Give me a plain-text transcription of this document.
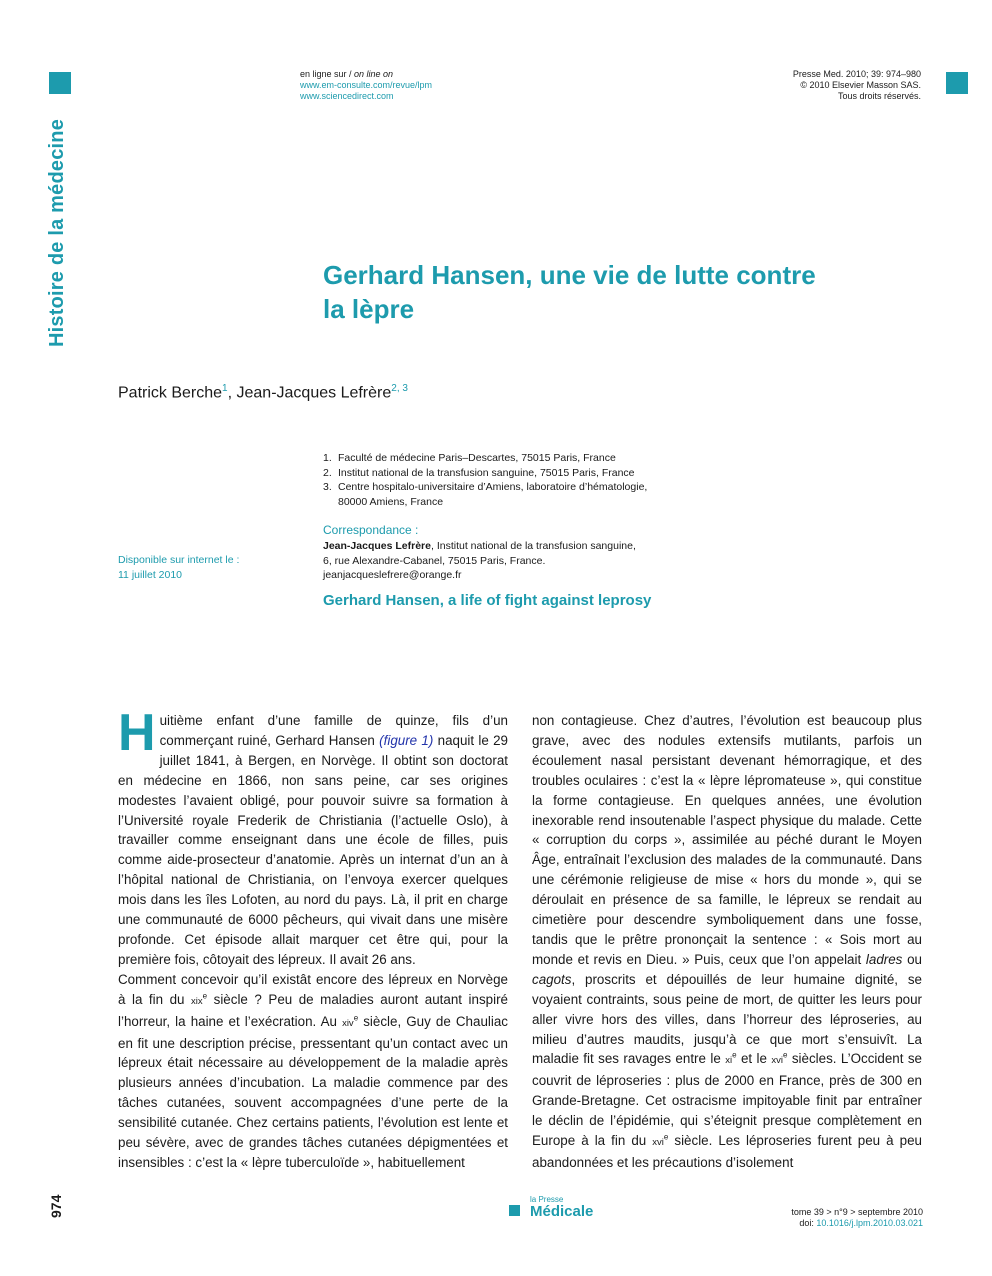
Histoire de la médecine
en ligne sur / on line on
www.em-consulte.com/revue/lpm
www.sciencedirect.com
Presse Med. 2010; 39: 974–980
© 2010 Elsevier Masson SAS.
Tous droits réservés.
Gerhard Hansen, une vie de lutte contre
la lèpre
Patrick Berche$^1$, Jean-Jacques Lefrère$^{2, 3}$
1. Faculté de médecine Paris–Descartes, 75015 Paris, France
2. Institut national de la transfusion sanguine, 75015 Paris, France
3. Centre hospitalo-universitaire d’Amiens, laboratoire d’hématologie,
80000 Amiens, France
Correspondance :
Jean-Jacques Lefrère, Institut national de la transfusion sanguine,
6, rue Alexandre-Cabanel, 75015 Paris, France.
jeanjacqueslefrere@orange.fr
Disponible sur internet le :
11 juillet 2010
Gerhard Hansen, a life of fight against leprosy

Huitième enfant d’une famille de quinze, fils d’un commerçant ruiné, Gerhard Hansen (figure 1) naquit le 29 juillet 1841, à Bergen, en Norvège. Il obtint son doctorat en médecine en 1866, non sans peine, car ses origines modestes l’avaient obligé, pour pouvoir suivre sa formation à l’Université royale Frederik de Christiania (l’actuelle Oslo), à travailler comme enseignant dans une école de filles, puis comme aide-prosecteur d’anatomie. Après un internat d’un an à l’hôpital national de Christiania, on l’envoya exercer quelques mois dans les îles Lofoten, au nord du pays. Là, il prit en charge une communauté de 6000 pêcheurs, qui vivait dans une misère profonde. Cet épisode allait marquer cet être qui, pour la première fois, côtoyait des lépreux. Il avait 26 ans.

Comment concevoir qu’il existât encore des lépreux en Norvège à la fin du xix$^e$ siècle ? Peu de maladies auront autant inspiré l’horreur, la haine et l’exécration. Au xiv$^e$ siècle, Guy de Chauliac en fit une description précise, pressentant qu’un contact avec un lépreux était nécessaire au développement de la maladie après plusieurs années d’incubation. La maladie commence par des tâches cutanées, souvent accompagnées d’une perte de la sensibilité cutanée. Chez certains patients, l’évolution est lente et peu sévère, avec de grandes tâches cutanées dépigmentées et insensibles : c’est la « lèpre tuberculoïde », habituellement

non contagieuse. Chez d’autres, l’évolution est beaucoup plus grave, avec des nodules extensifs mutilants, parfois un écoulement nasal persistant devenant hémorragique, et des troubles oculaires : c’est la « lèpre lépromateuse », qui constitue la forme contagieuse. En quelques années, une évolution inexorable rend insoutenable l’aspect physique du malade. Cette « corruption du corps », assimilée au péché durant le Moyen Âge, entraînait l’exclusion des malades de la communauté. Dans une cérémonie religieuse de mise « hors du monde », qui se déroulait en présence de sa famille, le lépreux se rendait au cimetière pour descendre symboliquement dans une fosse, tandis que le prêtre prononçait la sentence : « Sois mort au monde et revis en Dieu. » Puis, ceux que l’on appelait ladres ou cagots, proscrits et dépouillés de leur humaine dignité, se voyaient contraints, sous peine de mort, de quitter les leurs pour aller vivre hors des villes, dans l’horreur des léproseries, au milieu d’autres maudits, jusqu’à ce que mort s’ensuivît. La maladie fit ses ravages entre le $xi^e$ et le xvi$^e$ siècles. L’Occident se couvrit de léproseries : plus de 2000 en France, près de 300 en Grande-Bretagne. Cet ostracisme impitoyable finit par entraîner le déclin de l’épidémie, qui s’éteignit presque complètement en Europe à la fin du xvi$^e$ siècle. Les léproseries furent peu à peu abandonnées et les précautions d’isolement

974	la Presse
Médicale	tome 39 > n°9 > septembre 2010
doi: 10.1016/j.lpm.2010.03.021
